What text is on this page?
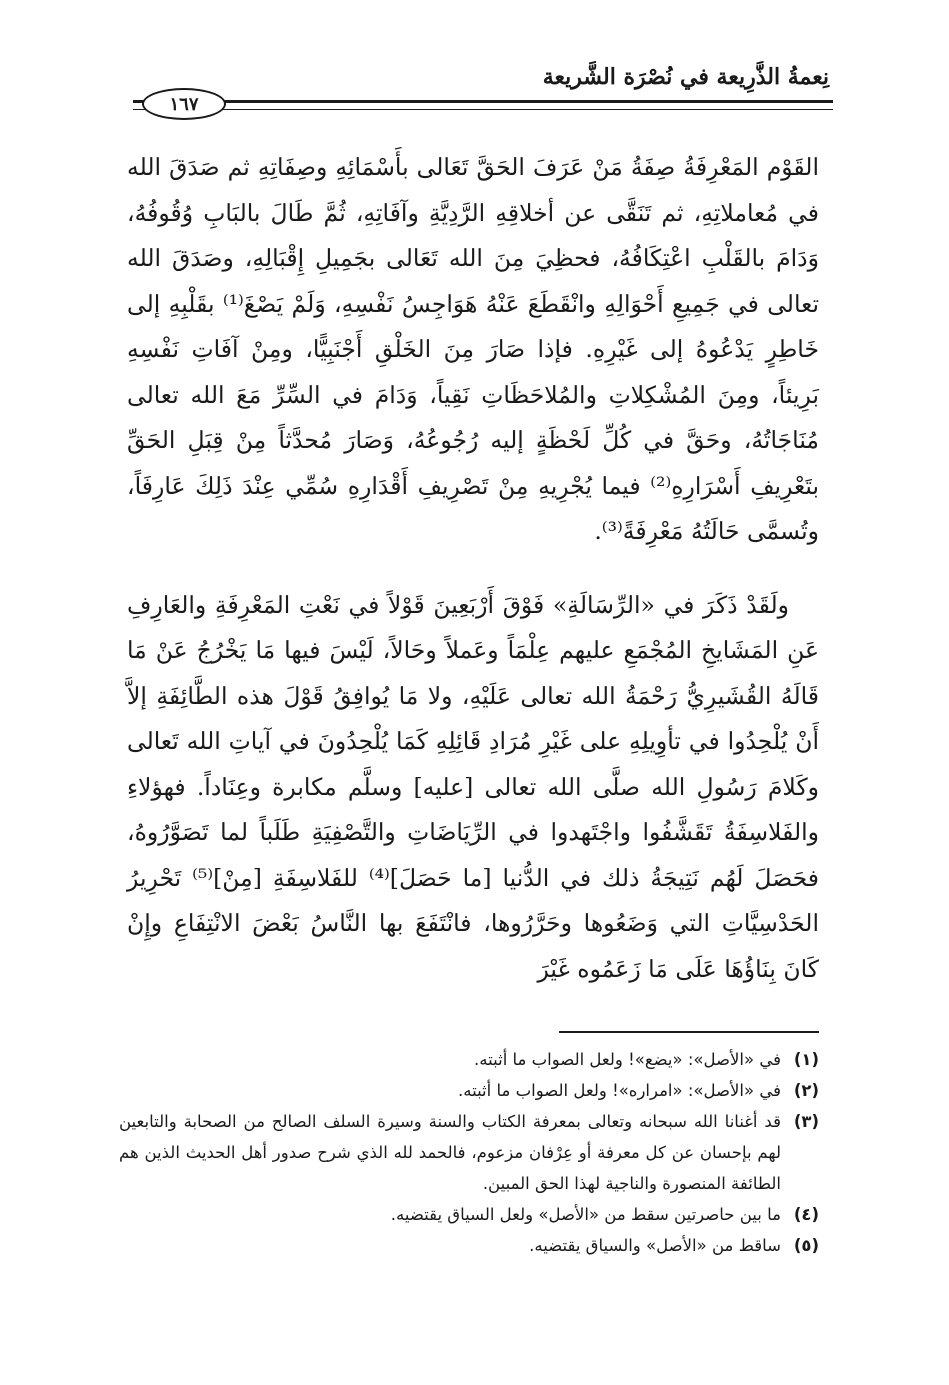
نِعمةُ الذَّرِيعة في نُصْرَة الشَّريعة
١٦٧

القَوْم المَعْرِفَةُ صِفَةُ مَنْ عَرَفَ الحَقَّ تَعَالى بأَسْمَائِهِ وصِفَاتِهِ ثم صَدَقَ الله في مُعاملاتِهِ، ثم تَنَقَّى عن أخلاقِهِ الرَّدِيَّةِ وآفَاتِهِ، ثُمَّ طَالَ بالبَابِ وُقُوفُهُ، وَدَامَ بالقَلْبِ اعْتِكَافُهُ، فحظِيَ مِنَ الله تَعَالى بجَمِيلِ إِقْبَالِهِ، وصَدَقَ الله تعالى في جَمِيعِ أَحْوَالِهِ وانْقَطَعَ عَنْهُ هَوَاجِسُ نَفْسِهِ، وَلَمْ يَصْغَ⁽¹⁾ بقَلْبِهِ إلى خَاطِرٍ يَدْعُوهُ إلى غَيْرِهِ. فإذا صَارَ مِنَ الخَلْقِ أَجْنَبِيًّا، ومِنْ آفَاتِ نَفْسِهِ بَرِيئاً، ومِنَ المُشْكِلاتِ والمُلاحَظَاتِ نَقِياً، وَدَامَ في السِّرِّ مَعَ الله تعالى مُنَاجَاتُهُ، وحَقَّ في كُلِّ لَحْظَةٍ إليه رُجُوعُهُ، وَصَارَ مُحدَّثاً مِنْ قِبَلِ الحَقِّ بتَعْرِيفِ أَسْرَارِهِ⁽²⁾ فيما يُجْرِيهِ مِنْ تَصْرِيفِ أَقْدَارِهِ سُمِّي عِنْدَ ذَلِكَ عَارِفَاً، وتُسمَّى حَالَتُهُ مَعْرِفَةً⁽³⁾.

ولَقَدْ ذَكَرَ في «الرِّسَالَةِ» فَوْقَ أَرْبَعِينَ قَوْلاً في نَعْتِ المَعْرِفَةِ والعَارِفِ عَنِ المَشَايخِ المُجْمَعِ عليهم عِلْمَاً وعَملاً وحَالاً، لَيْسَ فيها مَا يَخْرُجُ عَنْ مَا قَالَهُ القُشَيرِيُّ رَحْمَةُ الله تعالى عَلَيْهِ، ولا مَا يُوافِقُ قَوْلَ هذه الطَّائِفَةِ إلاَّ أَنْ يُلْحِدُوا في تأوِيلِهِ على غَيْرِ مُرَادِ قَائِلِهِ كَمَا يُلْحِدُونَ في آياتِ الله تَعالى وكَلامَ رَسُولِ الله صلَّى الله تعالى [عليه] وسلَّم مكابرة وعِنَاداً. فهؤلاءِ والفَلاسِفَةُ تَقَشَّفُوا واجْتَهدوا في الرِّيَاضَاتِ والتَّصْفِيَةِ طَلَباً لما تَصَوَّرُوهُ، فحَصَلَ لَهُم نَتِيجَةُ ذلك في الدُّنيا [ما حَصَلَ]⁽⁴⁾ للفَلاسِفَةِ [مِنْ]⁽⁵⁾ تَحْرِيرُ الحَدْسِيَّاتِ التي وَضَعُوها وحَرَّرُوها، فانْتَفَعَ بها النَّاسُ بَعْضَ الانْتِفَاعِ وإِنْ كَانَ بِنَاؤُهَا عَلَى مَا زَعَمُوه غَيْرَ

(١)
في «الأصل»: «يضع»! ولعل الصواب ما أثبته.
(٢)
في «الأصل»: «امراره»! ولعل الصواب ما أثبته.
(٣)
قد أغنانا الله سبحانه وتعالى بمعرفة الكتاب والسنة وسيرة السلف الصالح من الصحابة والتابعين لهم بإحسان عن كل معرفة أو عِرْفان مزعوم، فالحمد لله الذي شرح صدور أهل الحديث الذين هم الطائفة المنصورة والناجية لهذا الحق المبين.
(٤)
ما بين حاصرتين سقط من «الأصل» ولعل السياق يقتضيه.
(٥)
ساقط من «الأصل» والسياق يقتضيه.
